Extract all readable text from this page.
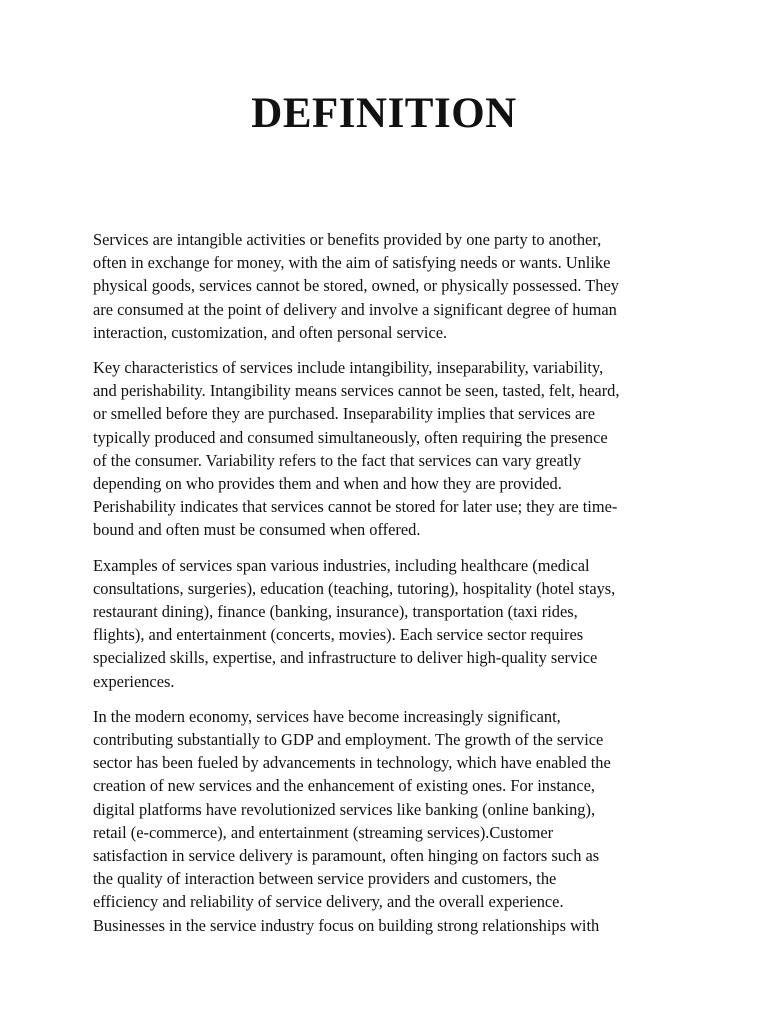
DEFINITION

Services are intangible activities or benefits provided by one party to another,
often in exchange for money, with the aim of satisfying needs or wants. Unlike
physical goods, services cannot be stored, owned, or physically possessed. They
are consumed at the point of delivery and involve a significant degree of human
interaction, customization, and often personal service.

Key characteristics of services include intangibility, inseparability, variability,
and perishability. Intangibility means services cannot be seen, tasted, felt, heard,
or smelled before they are purchased. Inseparability implies that services are
typically produced and consumed simultaneously, often requiring the presence
of the consumer. Variability refers to the fact that services can vary greatly
depending on who provides them and when and how they are provided.
Perishability indicates that services cannot be stored for later use; they are time-
bound and often must be consumed when offered.

Examples of services span various industries, including healthcare (medical
consultations, surgeries), education (teaching, tutoring), hospitality (hotel stays,
restaurant dining), finance (banking, insurance), transportation (taxi rides,
flights), and entertainment (concerts, movies). Each service sector requires
specialized skills, expertise, and infrastructure to deliver high-quality service
experiences.

In the modern economy, services have become increasingly significant,
contributing substantially to GDP and employment. The growth of the service
sector has been fueled by advancements in technology, which have enabled the
creation of new services and the enhancement of existing ones. For instance,
digital platforms have revolutionized services like banking (online banking),
retail (e-commerce), and entertainment (streaming services).Customer
satisfaction in service delivery is paramount, often hinging on factors such as
the quality of interaction between service providers and customers, the
efficiency and reliability of service delivery, and the overall experience.
Businesses in the service industry focus on building strong relationships with
